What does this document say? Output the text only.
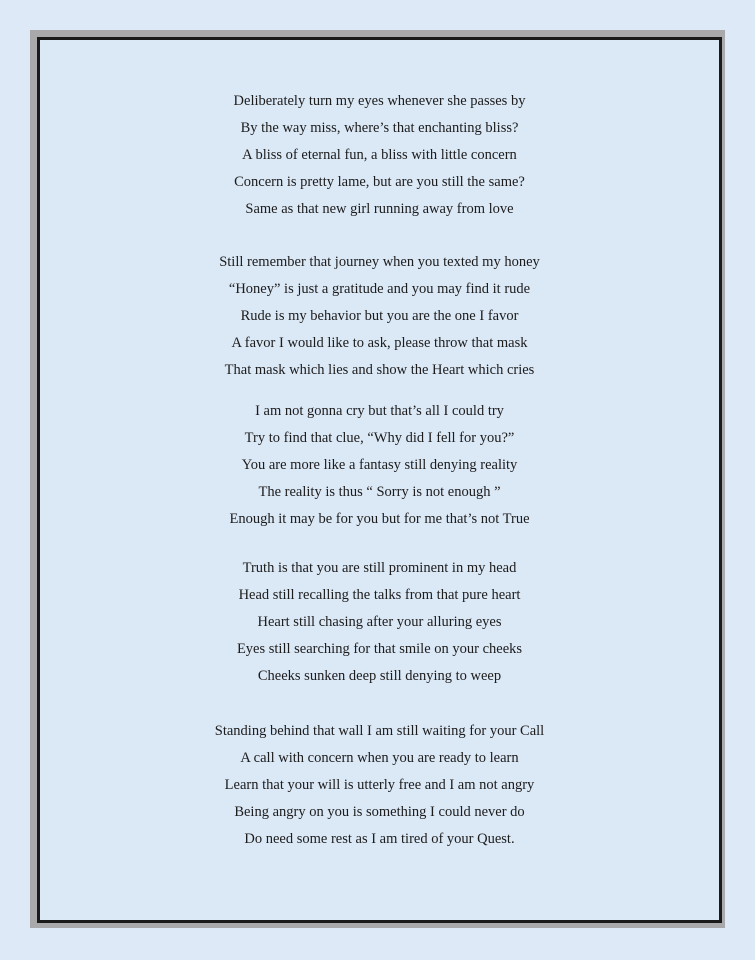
Deliberately turn my eyes whenever she passes by
By the way miss, where’s that enchanting bliss?
A bliss of eternal fun, a bliss with little concern
Concern is pretty lame, but are you still the same?
Same as that new girl running away from love
Still remember that journey when you texted my honey
“Honey” is just a gratitude and you may find it rude
Rude is my behavior but you are the one I favor
A favor I would like to ask, please throw that mask
That mask which lies and show the Heart which cries
I am not gonna cry but that’s all I could try
Try to find that clue, “Why did I fell for you?”
You are more like a fantasy still denying reality
The reality is thus “ Sorry is not enough ”
Enough it may be for you but for me that’s not True
Truth is that you are still prominent in my head
Head still recalling the talks from that pure heart
Heart still chasing after your alluring eyes
Eyes still searching for that smile on your cheeks
Cheeks sunken deep still denying to weep
Standing behind that wall I am still waiting for your Call
A call with concern when you are ready to learn
Learn that your will is utterly free and I am not angry
Being angry on you is something I could never do
Do need some rest as I am tired of your Quest.
